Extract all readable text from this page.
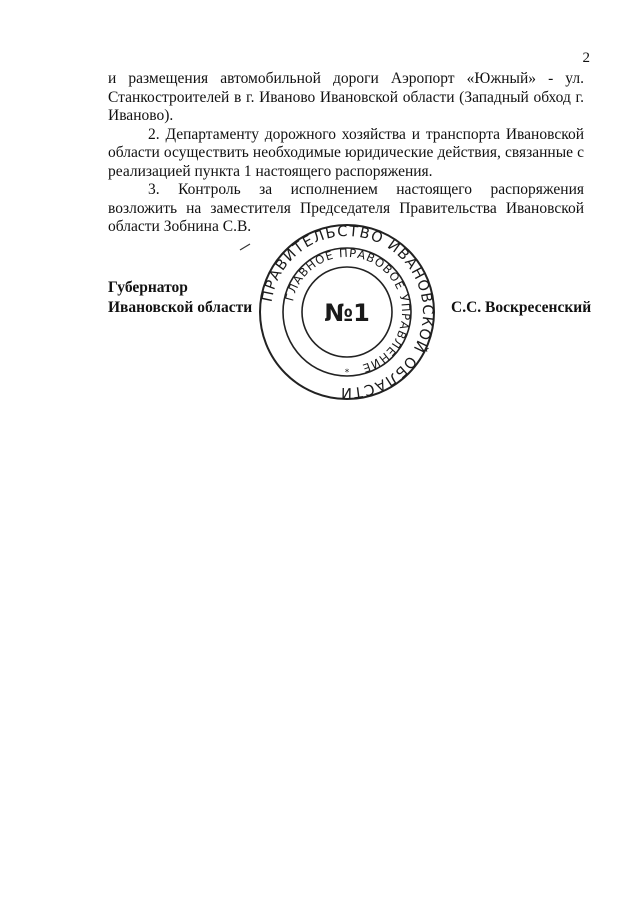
2

и размещения автомобильной дороги Аэропорт «Южный» - ул. Станкостроителей в г. Иваново Ивановской области (Западный обход г. Иваново).

2. Департаменту дорожного хозяйства и транспорта Ивановской области осуществить необходимые юридические действия, связанные с реализацией пункта 1 настоящего распоряжения.

3. Контроль за исполнением настоящего распоряжения возложить на заместителя Председателя Правительства Ивановской области Зобнина С.В.

Губернатор
Ивановской области
ПРАВИТЕЛЬСТВО ИВАНОВСКОЙ ОБЛАСТИ
ГЛАВНОЕ ПРАВОВОЕ УПРАВЛЕНИЕ
№1
*
С.С. Воскресенский
